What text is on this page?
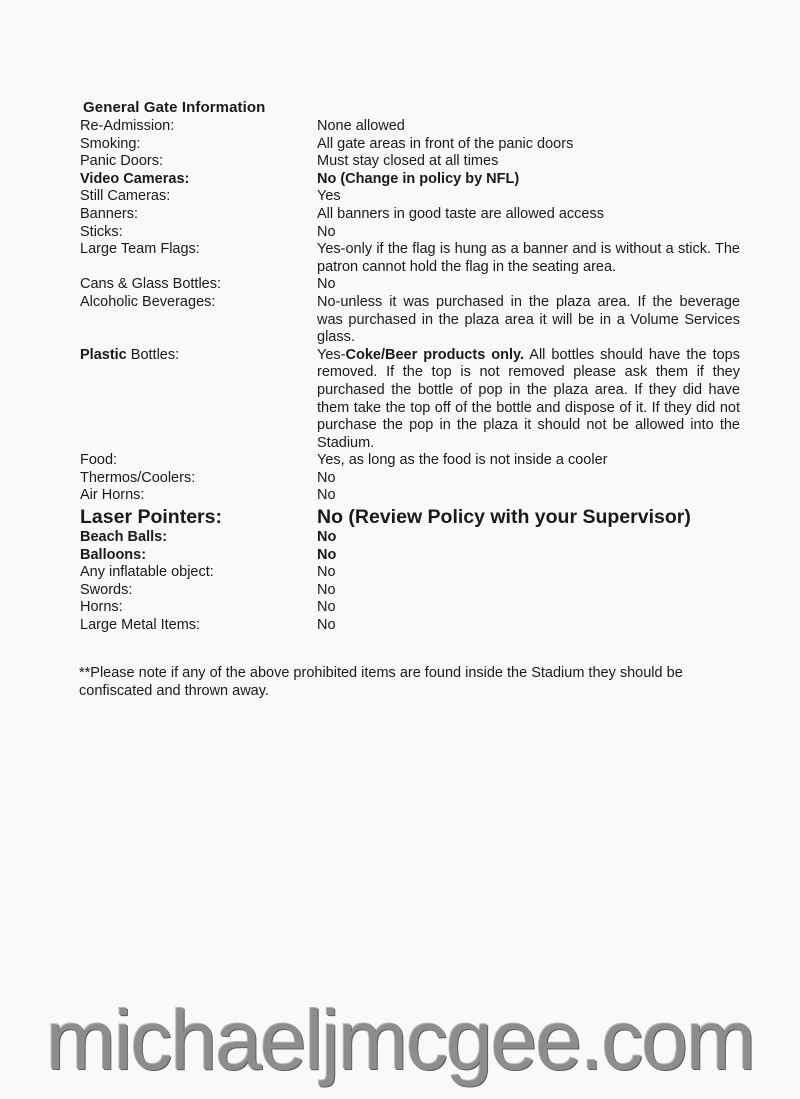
General Gate Information
Re-Admission:	None allowed
Smoking:	All gate areas in front of the panic doors
Panic Doors:	Must stay closed at all times
Video Cameras:	No (Change in policy by NFL)
Still Cameras:	Yes
Banners:	All banners in good taste are allowed access
Sticks:	No
Large Team Flags:	Yes-only if the flag is hung as a banner and is without a stick. The patron cannot hold the flag in the seating area.
Cans & Glass Bottles:	No
Alcoholic Beverages:	No-unless it was purchased in the plaza area. If the beverage was purchased in the plaza area it will be in a Volume Services glass.
Plastic Bottles:	Yes-Coke/Beer products only. All bottles should have the tops removed. If the top is not removed please ask them if they purchased the bottle of pop in the plaza area. If they did have them take the top off of the bottle and dispose of it. If they did not purchase the pop in the plaza it should not be allowed into the Stadium.
Food:	Yes, as long as the food is not inside a cooler
Thermos/Coolers:	No
Air Horns:	No
Laser Pointers:	No (Review Policy with your Supervisor)
Beach Balls:	No
Balloons:	No
Any inflatable object:	No
Swords:	No
Horns:	No
Large Metal Items:	No
**Please note if any of the above prohibited items are found inside the Stadium they should be confiscated and thrown away.
michaeljmcgee.com
